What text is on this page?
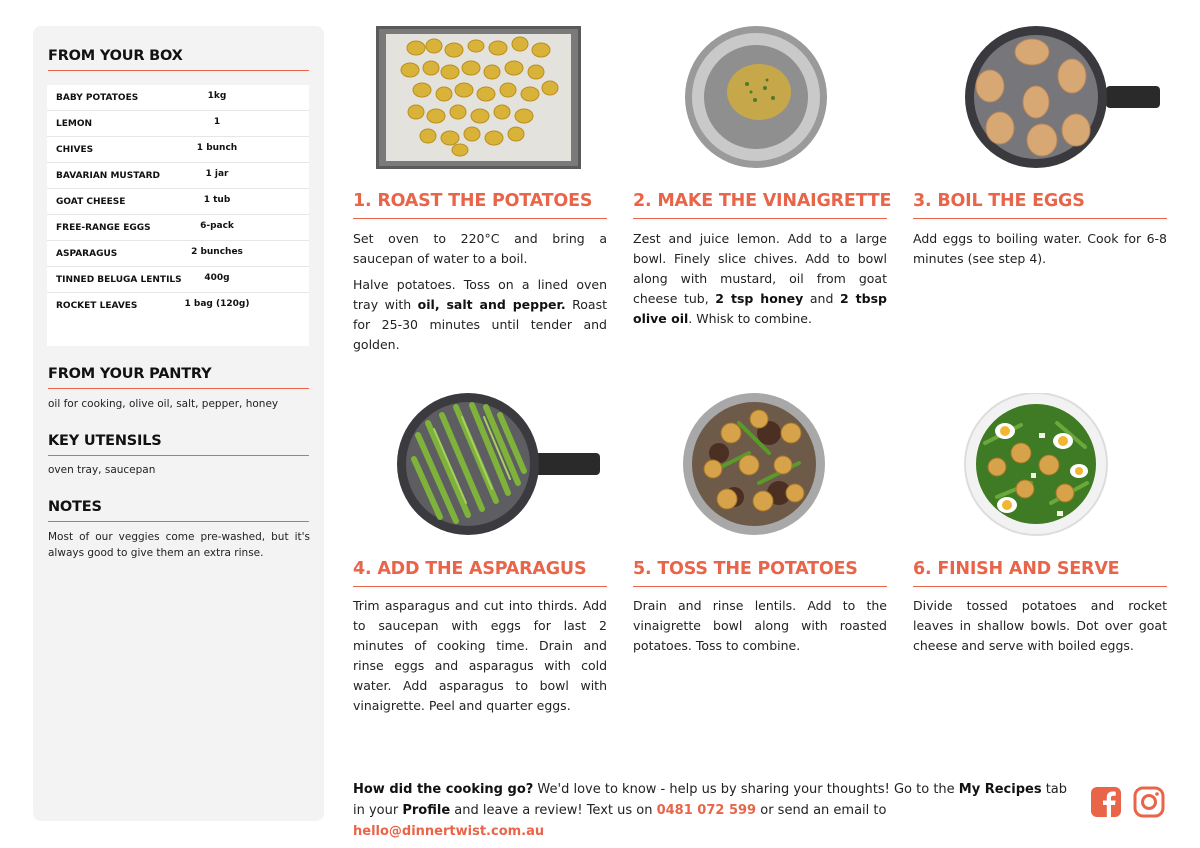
FROM YOUR BOX
BABY POTATOES	1kg
LEMON	1
CHIVES	1 bunch
BAVARIAN MUSTARD	1 jar
GOAT CHEESE	1 tub
FREE-RANGE EGGS	6-pack
ASPARAGUS	2 bunches
TINNED BELUGA LENTILS	400g
ROCKET LEAVES	1 bag (120g)
FROM YOUR PANTRY
oil for cooking, olive oil, salt, pepper, honey
KEY UTENSILS
oven tray, saucepan
NOTES
Most of our veggies come pre-washed, but it's always good to give them an extra rinse.
1. ROAST THE POTATOES

Set oven to 220°C and bring a saucepan of water to a boil.

Halve potatoes. Toss on a lined oven tray with oil, salt and pepper. Roast for 25-30 minutes until tender and golden.

2. MAKE THE VINAIGRETTE

Zest and juice lemon. Add to a large bowl. Finely slice chives. Add to bowl along with mustard, oil from goat cheese tub, 2 tsp honey and 2 tbsp olive oil. Whisk to combine.

3. BOIL THE EGGS

Add eggs to boiling water. Cook for 6-8 minutes (see step 4).

4. ADD THE ASPARAGUS

Trim asparagus and cut into thirds. Add to saucepan with eggs for last 2 minutes of cooking time. Drain and rinse eggs and asparagus with cold water. Add asparagus to bowl with vinaigrette. Peel and quarter eggs.

5. TOSS THE POTATOES

Drain and rinse lentils. Add to the vinaigrette bowl along with roasted potatoes. Toss to combine.

6. FINISH AND SERVE

Divide tossed potatoes and rocket leaves in shallow bowls. Dot over goat cheese and serve with boiled eggs.

How did the cooking go? We'd love to know - help us by sharing your thoughts! Go to the My Recipes tab in your Profile and leave a review! Text us on 0481 072 599 or send an email to hello@dinnertwist.com.au
